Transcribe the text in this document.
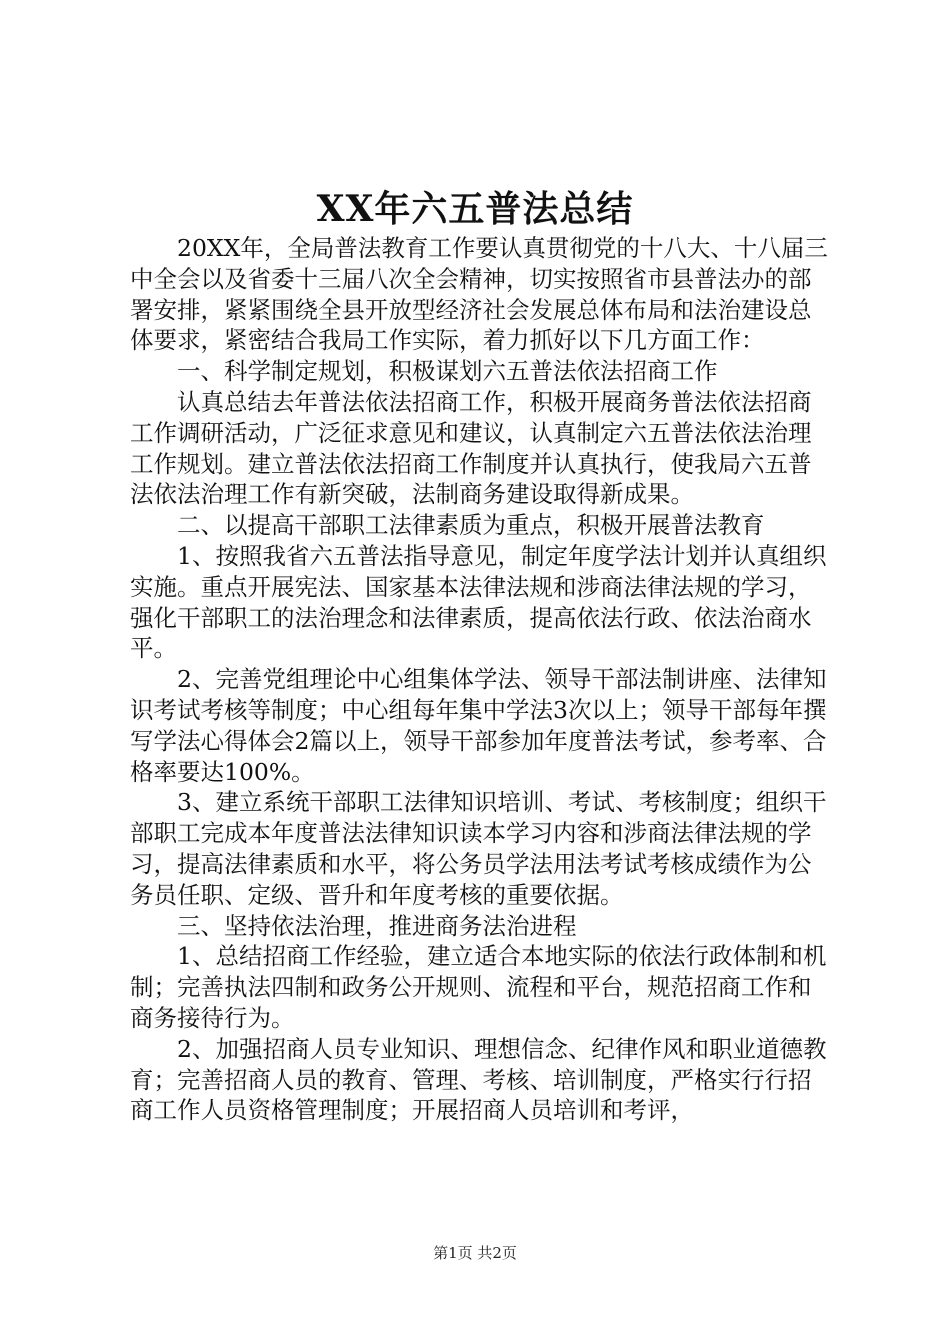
XX年六五普法总结

20XX年，全局普法教育工作要认真贯彻党的十八大、十八届三中全会以及省委十三届八次全会精神，切实按照省市县普法办的部署安排，紧紧围绕全县开放型经济社会发展总体布局和法治建设总体要求，紧密结合我局工作实际，着力抓好以下几方面工作：

一、科学制定规划，积极谋划六五普法依法招商工作

认真总结去年普法依法招商工作，积极开展商务普法依法招商工作调研活动，广泛征求意见和建议，认真制定六五普法依法治理工作规划。建立普法依法招商工作制度并认真执行，使我局六五普法依法治理工作有新突破，法制商务建设取得新成果。

二、以提高干部职工法律素质为重点，积极开展普法教育

1、按照我省六五普法指导意见，制定年度学法计划并认真组织实施。重点开展宪法、国家基本法律法规和涉商法律法规的学习，强化干部职工的法治理念和法律素质，提高依法行政、依法治商水平。

2、完善党组理论中心组集体学法、领导干部法制讲座、法律知识考试考核等制度；中心组每年集中学法3次以上；领导干部每年撰写学法心得体会2篇以上，领导干部参加年度普法考试，参考率、合格率要达100%。

3、建立系统干部职工法律知识培训、考试、考核制度；组织干部职工完成本年度普法法律知识读本学习内容和涉商法律法规的学习，提高法律素质和水平，将公务员学法用法考试考核成绩作为公务员任职、定级、晋升和年度考核的重要依据。

三、坚持依法治理，推进商务法治进程

1、总结招商工作经验，建立适合本地实际的依法行政体制和机制；完善执法四制和政务公开规则、流程和平台，规范招商工作和商务接待行为。

2、加强招商人员专业知识、理想信念、纪律作风和职业道德教育；完善招商人员的教育、管理、考核、培训制度，严格实行行招商工作人员资格管理制度；开展招商人员培训和考评，

第1页 共2页
